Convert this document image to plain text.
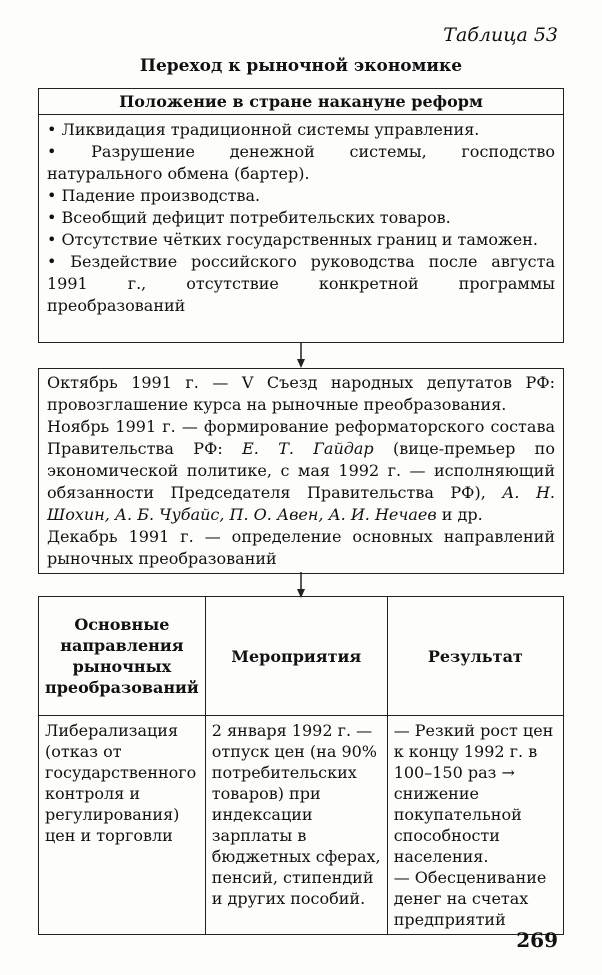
Таблица 53
Переход к рыночной экономике
Положение в стране накануне реформ
• Ликвидация традиционной системы управления.
• Разрушение денежной системы, господство натурального обмена (бартер).
• Падение производства.
• Всеобщий дефицит потребительских товаров.
• Отсутствие чётких государственных границ и таможен.
• Бездействие российского руководства после августа 1991 г., отсутствие конкретной программы преобразований

Октябрь 1991 г. — V Съезд народных депутатов РФ: провозглашение курса на рыночные преобразования.

Ноябрь 1991 г. — формирование реформаторского состава Правительства РФ: Е. Т. Гайдар (вице-премьер по экономической политике, с мая 1992 г. — исполняющий обязанности Председателя Правительства РФ), А. Н. Шохин, А. Б. Чубайс, П. О. Авен, А. И. Нечаев и др.

Декабрь 1991 г. — определение основных направлений рыночных преобразований

Основные направления рыночных преобразований	Мероприятия	Результат
Либерализация (отказ от государственного контроля и регулирования) цен и торговли	2 января 1992 г. — отпуск цен (на 90% потребительских товаров) при индексации зарплаты в бюджетных сферах, пенсий, стипендий и других пособий.	— Резкий рост цен к концу 1992 г. в 100–150 раз → снижение покупательной способности населения.
— Обесценивание денег на счетах предприятий
269
